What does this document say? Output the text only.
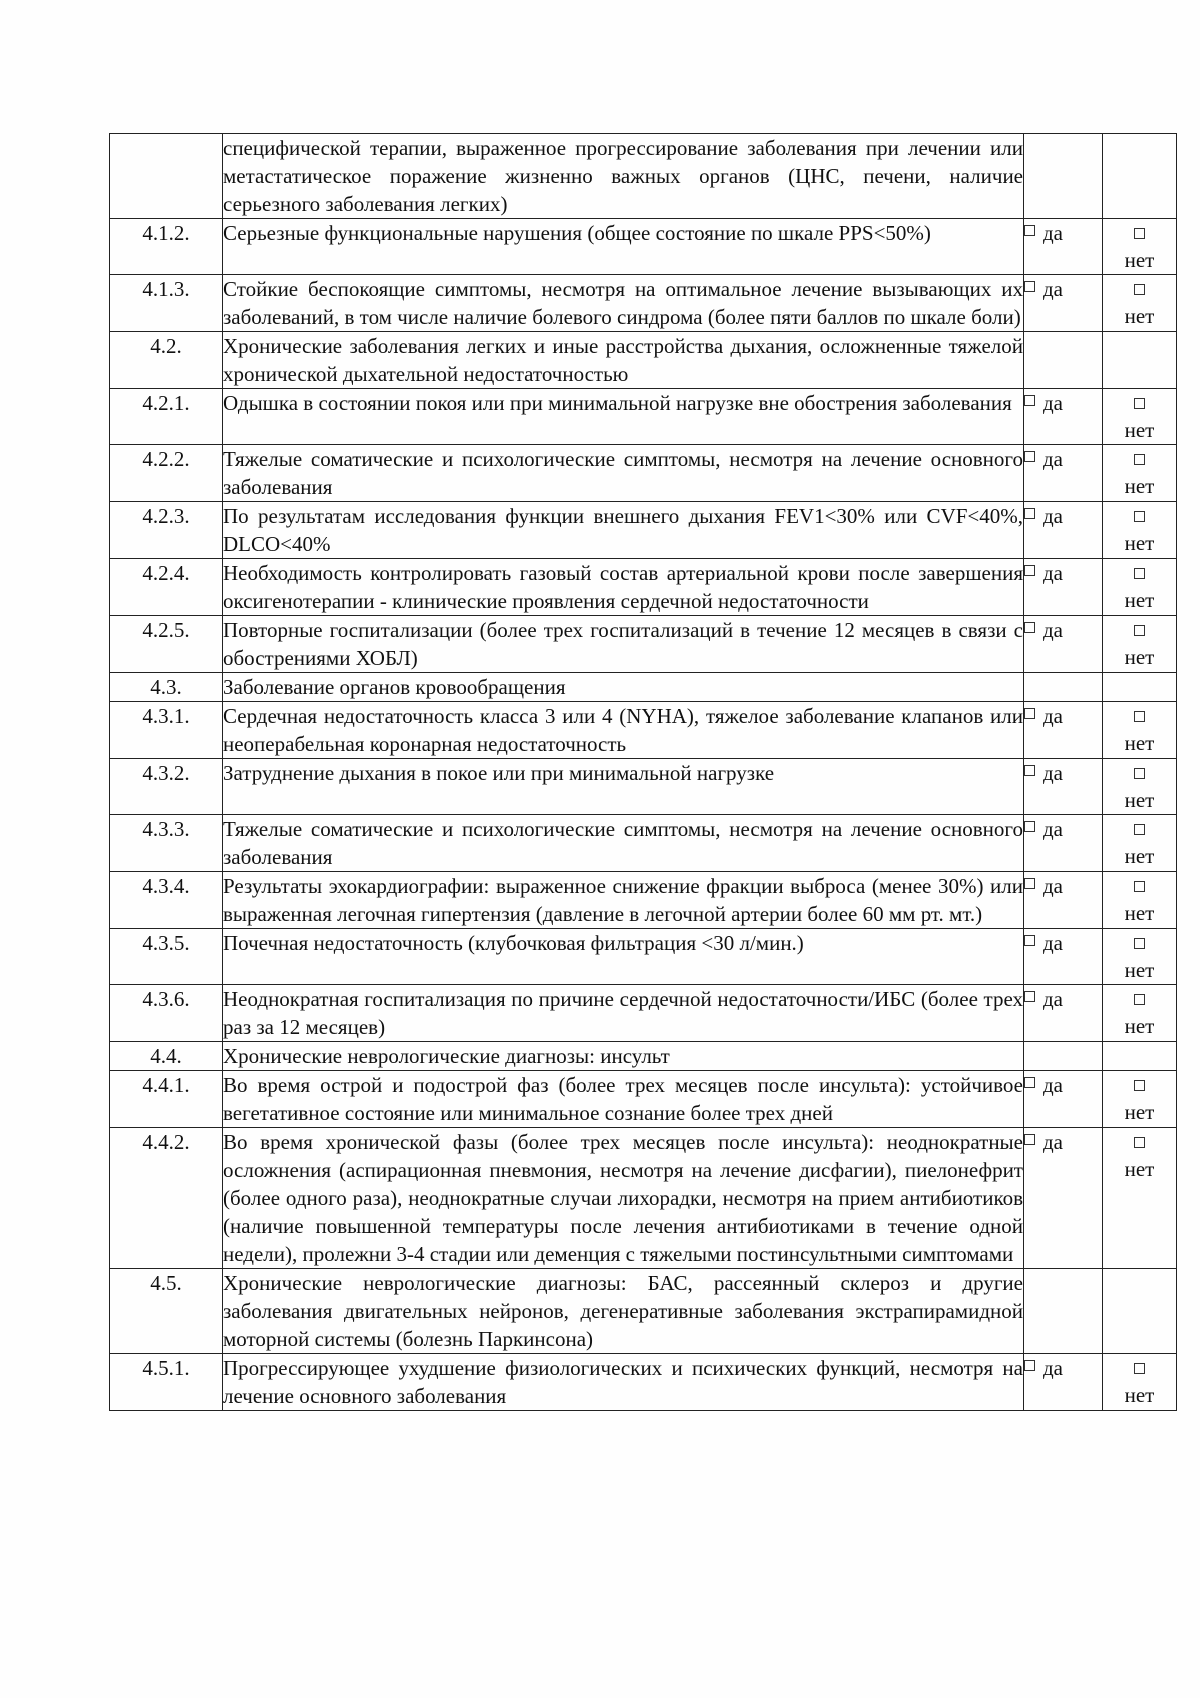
	специфической терапии, выраженное прогрессирование заболевания при лечении или метастатическое поражение жизненно важных органов (ЦНС, печени, наличие серьезного заболевания легких)		
4.1.2.	Серьезные функциональные нарушения (общее состояние по шкале PPS<50%)	да	нет

4.1.3.	Стойкие беспокоящие симптомы, несмотря на оптимальное лечение вызывающих их заболеваний, в том числе наличие болевого синдрома (более пяти баллов по шкале боли)	да	нет

4.2.	Хронические заболевания легких и иные расстройства дыхания, осложненные тяжелой хронической дыхательной недостаточностью		
4.2.1.	Одышка в состоянии покоя или при минимальной нагрузке вне обострения заболевания	да	нет

4.2.2.	Тяжелые соматические и психологические симптомы, несмотря на лечение основного заболевания	да	нет

4.2.3.	По результатам исследования функции внешнего дыхания FEV1<30% или CVF<40%, DLCO<40%	да	нет

4.2.4.	Необходимость контролировать газовый состав артериальной крови после завершения оксигенотерапии - клинические проявления сердечной недостаточности	да	нет

4.2.5.	Повторные госпитализации (более трех госпитализаций в течение 12 месяцев в связи с обострениями ХОБЛ)	да	нет

4.3.	Заболевание органов кровообращения		
4.3.1.	Сердечная недостаточность класса 3 или 4 (NYHA), тяжелое заболевание клапанов или неоперабельная коронарная недостаточность	да	нет

4.3.2.	Затруднение дыхания в покое или при минимальной нагрузке	да	нет

4.3.3.	Тяжелые соматические и психологические симптомы, несмотря на лечение основного заболевания	да	нет

4.3.4.	Результаты эхокардиографии: выраженное снижение фракции выброса (менее 30%) или выраженная легочная гипертензия (давление в легочной артерии более 60 мм рт. мт.)	да	нет

4.3.5.	Почечная недостаточность (клубочковая фильтрация <30 л/мин.)	да	нет

4.3.6.	Неоднократная госпитализация по причине сердечной недостаточности/ИБС (более трех раз за 12 месяцев)	да	нет

4.4.	Хронические неврологические диагнозы: инсульт		
4.4.1.	Во время острой и подострой фаз (более трех месяцев после инсульта): устойчивое вегетативное состояние или минимальное сознание более трех дней	да	нет

4.4.2.	Во время хронической фазы (более трех месяцев после инсульта): неоднократные осложнения (аспирационная пневмония, несмотря на лечение дисфагии), пиелонефрит (более одного раза), неоднократные случаи лихорадки, несмотря на прием антибиотиков (наличие повышенной температуры после лечения антибиотиками в течение одной недели), пролежни 3-4 стадии или деменция с тяжелыми постинсультными симптомами	да	нет

4.5.	Хронические неврологические диагнозы: БАС, рассеянный склероз и другие заболевания двигательных нейронов, дегенеративные заболевания экстрапирамидной моторной системы (болезнь Паркинсона)		
4.5.1.	Прогрессирующее ухудшение физиологических и психических функций, несмотря на лечение основного заболевания	да	нет
